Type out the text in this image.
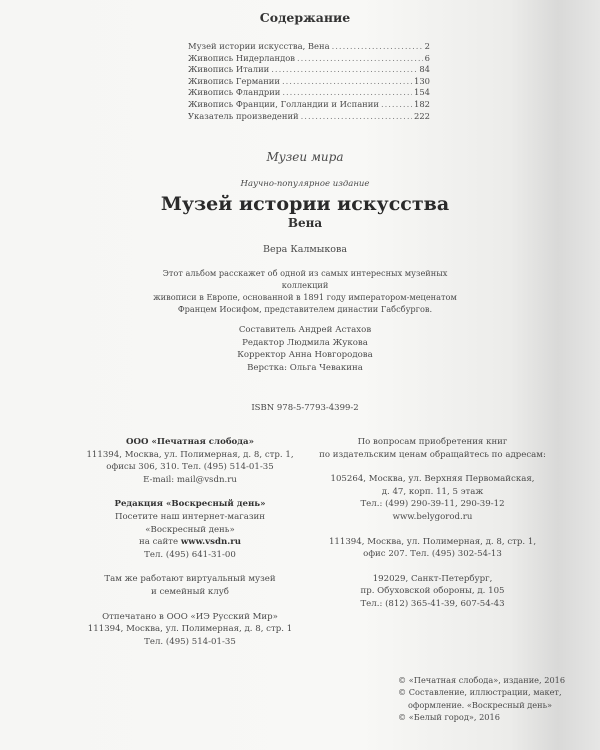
Содержание
Музей истории искусства, Вена .....	2
Живопись Нидерландов .....	6
Живопись Италии .....	84
Живопись Германии .....	130
Живопись Фландрии .....	154
Живопись Франции, Голландии и Испании .....	182
Указатель произведений .....	222
Музеи мира
Научно-популярное издание
Музей истории искусства
Вена
Вера Калмыкова
Этот альбом расскажет об одной из самых интересных музейных коллекций
живописи в Европе, основанной в 1891 году императором-меценатом
Францем Иосифом, представителем династии Габсбургов.
Составитель Андрей Астахов
Редактор Людмила Жукова
Корректор Анна Новгородова
Верстка: Ольга Чевакина
ISBN 978-5-7793-4399-2
ООО «Печатная слобода»
111394, Москва, ул. Полимерная, д. 8, стр. 1,
офисы 306, 310. Тел. (495) 514-01-35
E-mail: mail@vsdn.ru
Редакция «Воскресный день»
Посетите наш интернет-магазин
«Воскресный день»
на сайте www.vsdn.ru
Тел. (495) 641-31-00
Там же работают виртуальный музей
и семейный клуб
Отпечатано в ООО «ИЭ Русский Мир»
111394, Москва, ул. Полимерная, д. 8, стр. 1
Тел. (495) 514-01-35
По вопросам приобретения книг
по издательским ценам обращайтесь по адресам:
105264, Москва, ул. Верхняя Первомайская,
д. 47, корп. 11, 5 этаж
Тел.: (499) 290-39-11, 290-39-12
www.belygorod.ru
111394, Москва, ул. Полимерная, д. 8, стр. 1,
офис 207. Тел. (495) 302-54-13
192029, Санкт-Петербург,
пр. Обуховской обороны, д. 105
Тел.: (812) 365-41-39, 607-54-43
© «Печатная слобода», издание, 2016
© Составление, иллюстрации, макет,
оформление. «Воскресный день»
© «Белый город», 2016
